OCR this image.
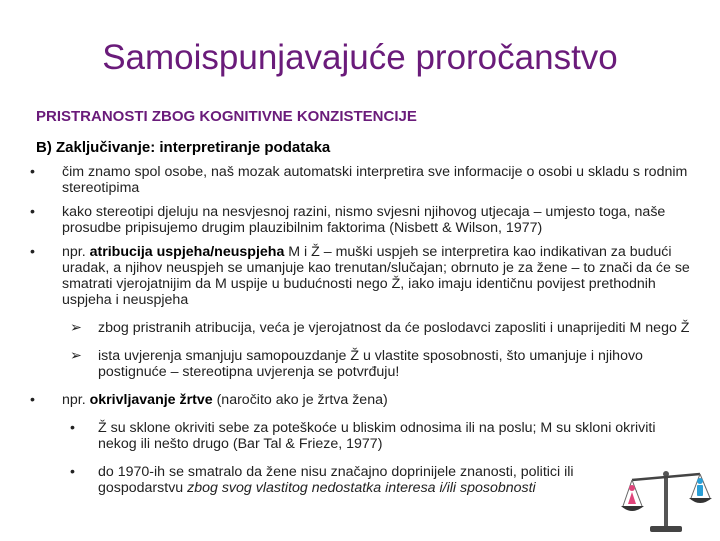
Samoispunjavajuće proročanstvo
PRISTRANOSTI ZBOG KOGNITIVNE KONZISTENCIJE
B) Zaključivanje: interpretiranje podataka
•	čim znamo spol osobe, naš mozak automatski interpretira sve informacije o osobi u skladu s rodnim stereotipima
•	kako stereotipi djeluju na nesvjesnoj razini, nismo svjesni njihovog utjecaja – umjesto toga, naše prosudbe pripisujemo drugim plauzibilnim faktorima (Nisbett & Wilson, 1977)
•	npr. atribucija uspjeha/neuspjeha M i Ž – muški uspjeh se interpretira kao indikativan za budući uradak, a njihov neuspjeh se umanjuje kao trenutan/slučajan; obrnuto je za žene – to znači da će se smatrati vjerojatnijim da M uspije u budućnosti nego Ž, iako imaju identičnu povijest prethodnih uspjeha i neuspjeha
➢	zbog pristranih atribucija, veća je vjerojatnost da će poslodavci zaposliti i unaprijediti M nego Ž
➢	ista uvjerenja smanjuju samopouzdanje Ž u vlastite sposobnosti, što umanjuje i njihovo postignuće – stereotipna uvjerenja se potvrđuju!
•	npr. okrivljavanje žrtve (naročito ako je žrtva žena)
•	Ž su sklone okriviti sebe za poteškoće u bliskim odnosima ili na poslu; M su skloni okriviti nekog ili nešto drugo (Bar Tal & Frieze, 1977)
•	do 1970-ih se smatralo da žene nisu značajno doprinijele znanosti, politici ili gospodarstvu zbog svog vlastitog nedostatka interesa i/ili sposobnosti
